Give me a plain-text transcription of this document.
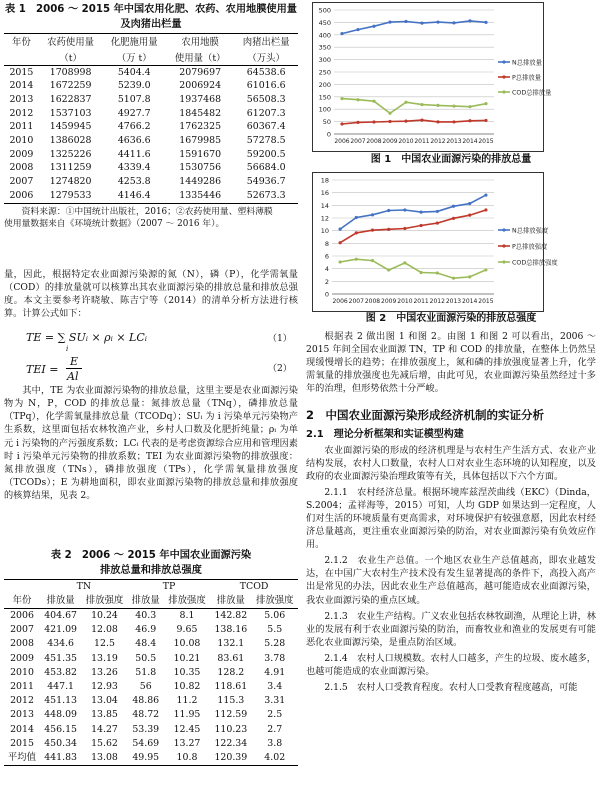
表 1　2006 ～ 2015 年中国农用化肥、农药、农用地膜使用量
及肉猪出栏量
年份	农药使用量	化肥施用量	农用地膜	肉猪出栏量
	（t）	（万 t）	使用量（t）	（万头）
2015	1708998	5404.4	2079697	64538.6
2014	1672259	5239.0	2006924	61016.6
2013	1622837	5107.8	1937468	56508.3
2012	1537103	4927.7	1845482	61207.3
2011	1459945	4766.2	1762325	60367.4
2010	1386028	4636.6	1679985	57278.5
2009	1325226	4411.6	1591670	59200.5
2008	1311259	4339.4	1530756	56684.0
2007	1274820	4253.8	1449286	54936.7
2006	1279533	4146.4	1335446	52673.3
资料来源：①中国统计出版社，2016；②农药使用量、塑料薄膜
使用量数据来自《环境统计数据》（2007 ～ 2016 年）。

量，因此，根据特定农业面源污染源的氮（N），磷（P），化学需氧量（COD）的排放量就可以核算出其农业面源污染的排放总量和排放总强度。本文主要参考许晓敏、陈吉宁等（2014）的清单分析方法进行核算。计算公式如下：

TE = ∑ SUᵢ × ρᵢ × LCᵢ
i
（1）
TEI =
E
Al
（2）

其中，TE 为农业面源污染物的排放总量，这里主要是农业面源污染物为 N，P，COD 的排放总量：氮排放总量（TNq），磷排放总量（TPq），化学需氧量排放总量（TCODq）；SUᵢ 为 i 污染单元污染物产生系数，这里面包括农林牧渔产业，乡村人口数及化肥折纯量；ρᵢ 为单元 i 污染物的产污强度系数；LCᵢ 代表的是考虑资源综合应用和管理因素时 i 污染单元污染物的排放系数；TEI 为农业面源污染物的排放强度：氮排放强度（TNs），磷排放强度（TPs），化学需氧量排放强度（TCODs）；E 为耕地面积，即农业面源污染物的排放总量和排放强度的核算结果，见表 2。

表 2　2006 ～ 2015 年中国农业面源污染
排放总量和排放总强度
	TN		TP		TCOD	
年份	排放量	排放强度	排放量	排放强度	排放量	排放强度
2006	404.67	10.24	40.3	8.1	142.82	5.06
2007	421.09	12.08	46.9	9.65	138.16	5.5
2008	434.6	12.5	48.4	10.08	132.1	5.28
2009	451.35	13.19	50.5	10.21	83.61	3.78
2010	453.82	13.26	51.8	10.35	128.2	4.91
2011	447.1	12.93	56	10.82	118.61	3.4
2012	451.13	13.04	48.86	11.2	115.3	3.31
2013	448.09	13.85	48.72	11.95	112.59	2.5
2014	456.15	14.27	53.39	12.45	110.23	2.7
2015	450.34	15.62	54.69	13.27	122.34	3.8
平均值	441.83	13.08	49.95	10.8	120.39	4.02
0
50
100
150
200
250
300
350
400
450
500
2006 2007 2008 2009 2010 2011 2012 2013 2014 2015
N总排放量
P总排放量
COD总排放量
图 1　中国农业面源污染的排放总量
0
2
4
6
8
10
12
14
16
18
2006 2007 2008 2009 2010 2011 2012 2013 2014 2015
N总排放强度
P总排放强度
COD总排放强度
图 2　中国农业面源污染的排放总强度

根据表 2 做出图 1 和图 2。由图 1 和图 2 可以看出，2006 ～ 2015 年间全国农业面源 TN，TP 和 COD 的排放量，在整体上仍然呈现缓慢增长的趋势；在排放强度上，氮和磷的排放强度显著上升，化学需氧量的排放强度也先减后增，由此可见，农业面源污染虽然经过十多年的治理，但形势依然十分严峻。

2　中国农业面源污染形成经济机制的实证分析
2.1　理论分析框架和实证模型构建

农业面源污染的形成的经济机理是与农村生产生活方式、农业产业结构发展，农村人口数量，农村人口对农业生态环境的认知程度，以及政府的农业面源污染治理政策等有关，具体包括以下六个方面。

2.1.1　农村经济总量。根据环境库兹涅茨曲线（EKC）（Dinda，S.2004；孟祥海等，2015）可知，人均 GDP 如果达到一定程度，人们对生活的环境质量有更高需求，对环境保护有较强意愿，因此农村经济总量越高，更注重农业面源污染的防治，对农业面源污染有负效应作用。

2.1.2　农业生产总值。一个地区农业生产总值越高，即农业越发达，在中国广大农村生产技术没有发生显著提高的条件下，高投入高产出是常见的办法，因此农业生产总值越高，越可能造成农业面源污染，我农业面源污染的重点区域。

2.1.3　农业生产结构。广义农业包括农林牧副渔，从理论上讲，林业的发展有利于农业面源污染的防治，而畜牧业和渔业的发展更有可能恶化农业面源污染，是重点防治区域。

2.1.4　农村人口规模数。农村人口越多，产生的垃圾、废水越多，也越可能造成的农业面源污染。

2.1.5　农村人口受教育程度。农村人口受教育程度越高，可能
